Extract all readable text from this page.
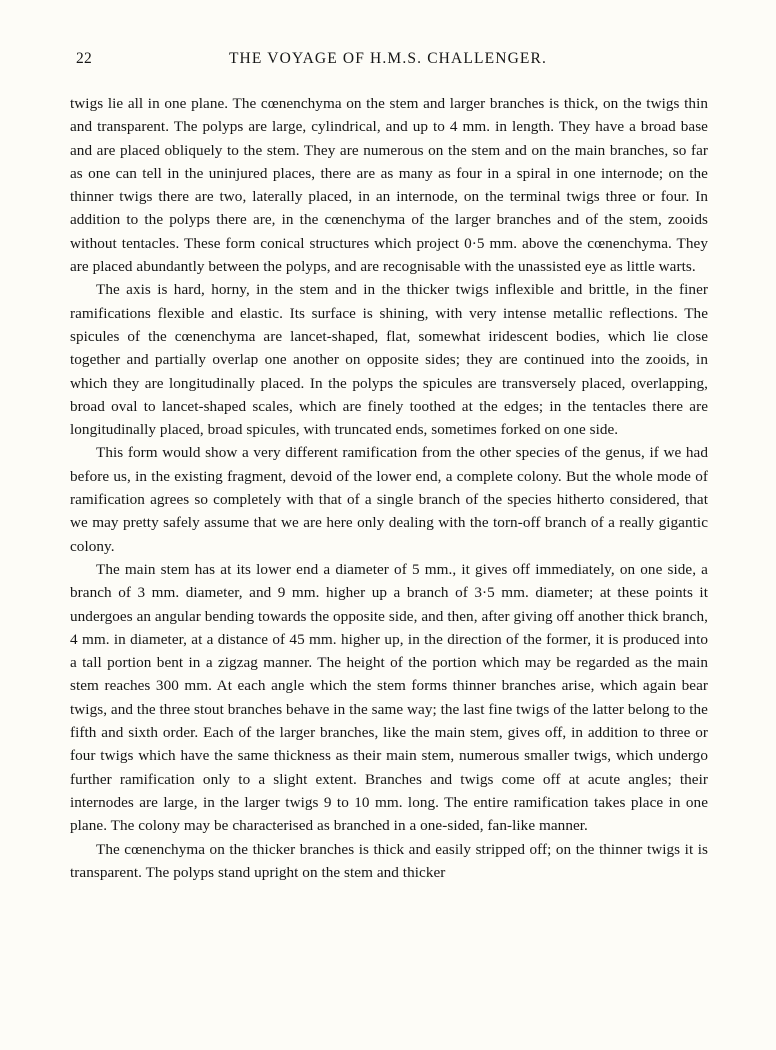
22	THE VOYAGE OF H.M.S. CHALLENGER.

twigs lie all in one plane. The cœnenchyma on the stem and larger branches is thick, on the twigs thin and transparent. The polyps are large, cylindrical, and up to 4 mm. in length. They have a broad base and are placed obliquely to the stem. They are numerous on the stem and on the main branches, so far as one can tell in the uninjured places, there are as many as four in a spiral in one internode; on the thinner twigs there are two, laterally placed, in an internode, on the terminal twigs three or four. In addition to the polyps there are, in the cœnenchyma of the larger branches and of the stem, zooids without tentacles. These form conical structures which project 0·5 mm. above the cœnenchyma. They are placed abundantly between the polyps, and are recognisable with the unassisted eye as little warts.

The axis is hard, horny, in the stem and in the thicker twigs inflexible and brittle, in the finer ramifications flexible and elastic. Its surface is shining, with very intense metallic reflections. The spicules of the cœnenchyma are lancet-shaped, flat, somewhat iridescent bodies, which lie close together and partially overlap one another on opposite sides; they are continued into the zooids, in which they are longitudinally placed. In the polyps the spicules are transversely placed, overlapping, broad oval to lancet-shaped scales, which are finely toothed at the edges; in the tentacles there are longitudinally placed, broad spicules, with truncated ends, sometimes forked on one side.

This form would show a very different ramification from the other species of the genus, if we had before us, in the existing fragment, devoid of the lower end, a complete colony. But the whole mode of ramification agrees so completely with that of a single branch of the species hitherto considered, that we may pretty safely assume that we are here only dealing with the torn-off branch of a really gigantic colony.

The main stem has at its lower end a diameter of 5 mm., it gives off immediately, on one side, a branch of 3 mm. diameter, and 9 mm. higher up a branch of 3·5 mm. diameter; at these points it undergoes an angular bending towards the opposite side, and then, after giving off another thick branch, 4 mm. in diameter, at a distance of 45 mm. higher up, in the direction of the former, it is produced into a tall portion bent in a zigzag manner. The height of the portion which may be regarded as the main stem reaches 300 mm. At each angle which the stem forms thinner branches arise, which again bear twigs, and the three stout branches behave in the same way; the last fine twigs of the latter belong to the fifth and sixth order. Each of the larger branches, like the main stem, gives off, in addition to three or four twigs which have the same thickness as their main stem, numerous smaller twigs, which undergo further ramification only to a slight extent. Branches and twigs come off at acute angles; their internodes are large, in the larger twigs 9 to 10 mm. long. The entire ramification takes place in one plane. The colony may be characterised as branched in a one-sided, fan-like manner.

The cœnenchyma on the thicker branches is thick and easily stripped off; on the thinner twigs it is transparent. The polyps stand upright on the stem and thicker
